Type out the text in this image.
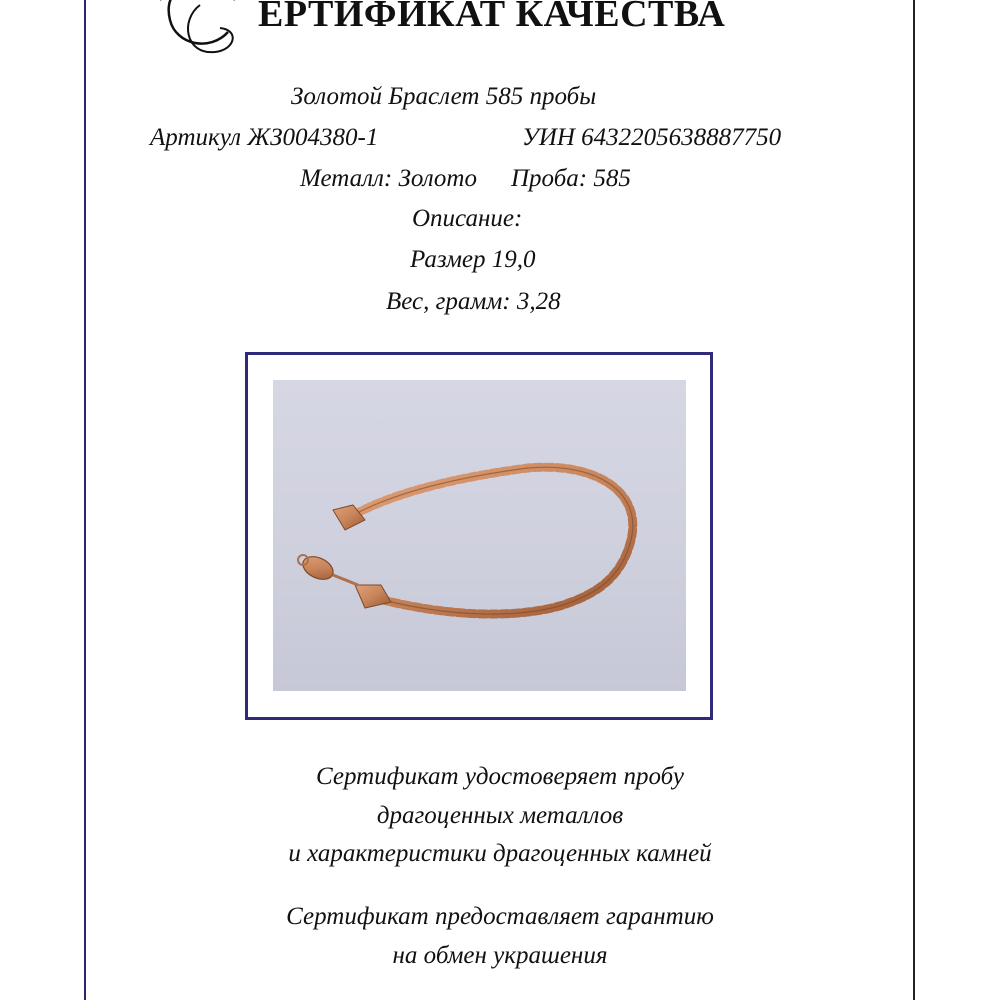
ЕРТИФИКАТ КАЧЕСТВА
Золотой Браслет 585 пробы
Артикул ЖЗ004380-1	УИН 6432205638887750
Металл: Золото Проба: 585
Описание:
Размер 19,0
Вес, грамм: 3,28
Сертификат удостоверяет пробу
драгоценных металлов
и характеристики драгоценных камней
Сертификат предоставляет гарантию
на обмен украшения
